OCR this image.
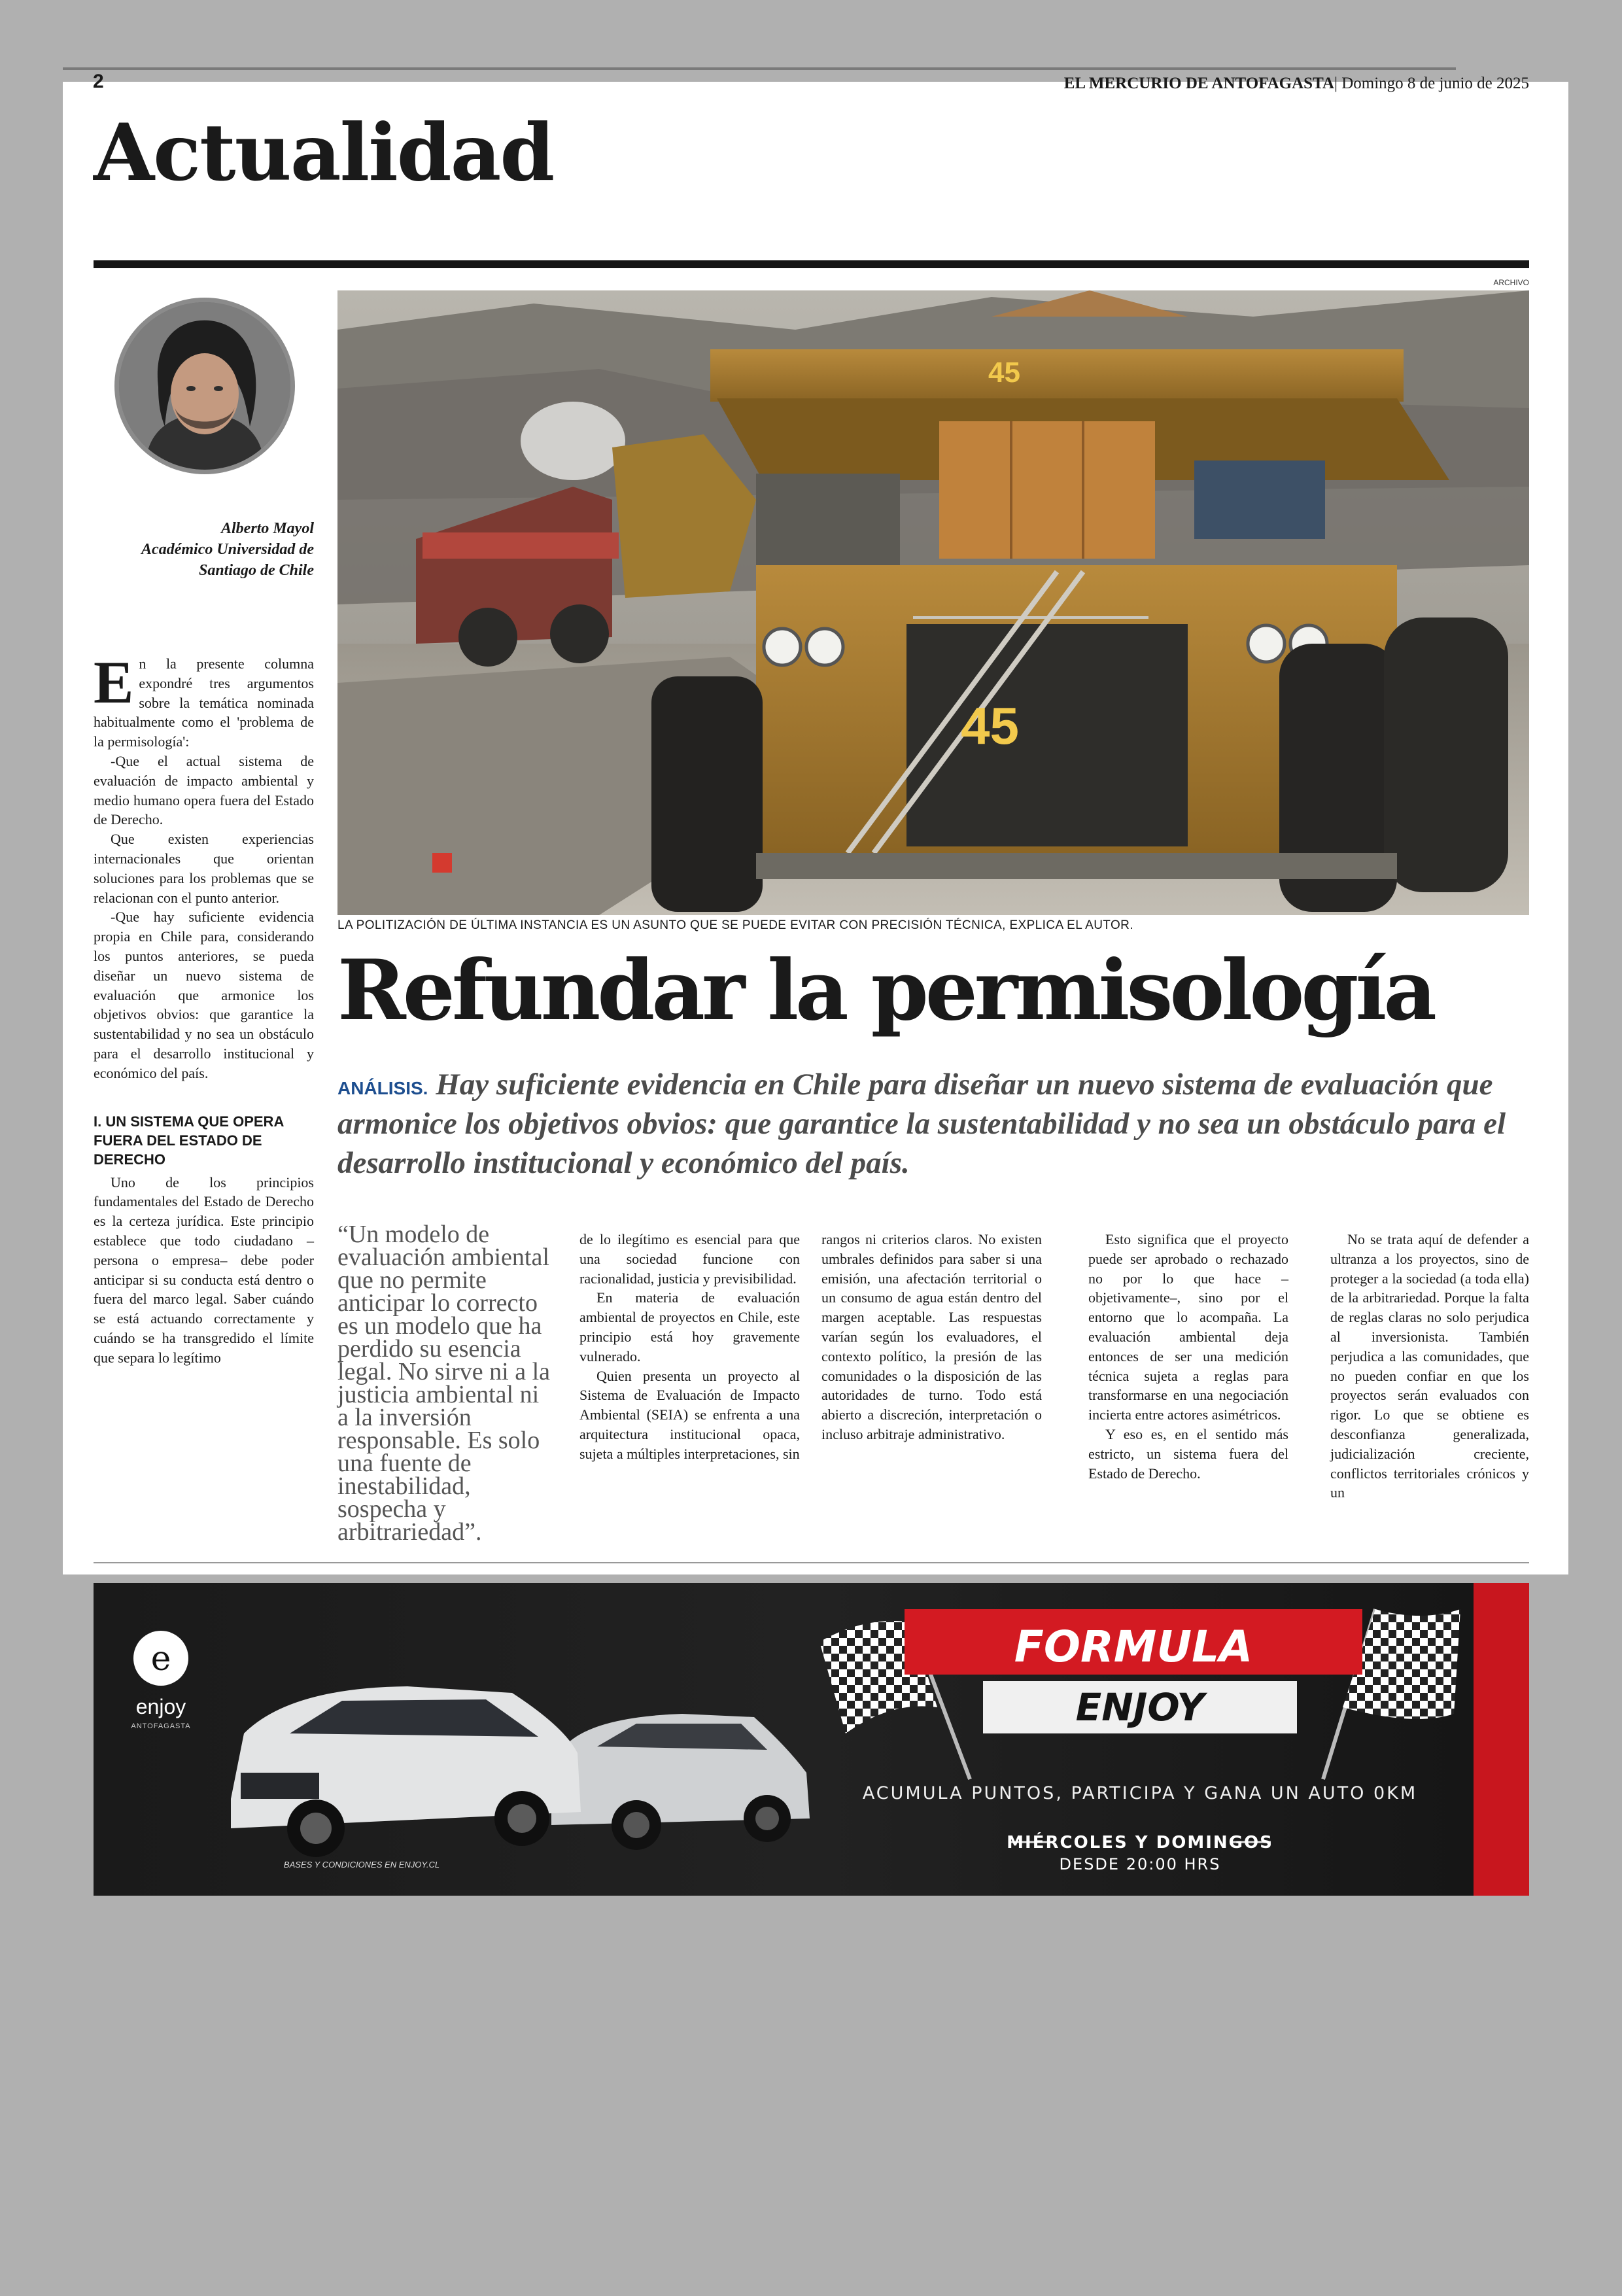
2	EL MERCURIO DE ANTOFAGASTA| Domingo 8 de junio de 2025
Actualidad
ARCHIVO
45
45
LA POLITIZACIÓN DE ÚLTIMA INSTANCIA ES UN ASUNTO QUE SE PUEDE EVITAR CON PRECISIÓN TÉCNICA, EXPLICA EL AUTOR.
Alberto Mayol
Académico Universidad de
Santiago de Chile

En la presente columna expondré tres argumentos sobre la temática nominada habitualmente como el 'problema de la permisología':

-Que el actual sistema de evaluación de impacto ambiental y medio humano opera fuera del Estado de Derecho.

Que existen experiencias internacionales que orientan soluciones para los problemas que se relacionan con el punto anterior.

-Que hay suficiente evidencia propia en Chile para, considerando los puntos anteriores, se pueda diseñar un nuevo sistema de evaluación que armonice los objetivos obvios: que garantice la sustentabilidad y no sea un obstáculo para el desarrollo institucional y económico del país.

I. UN SISTEMA QUE OPERA FUERA DEL ESTADO DE DERECHO

Uno de los principios fundamentales del Estado de Derecho es la certeza jurídica. Este principio establece que todo ciudadano –persona o empresa– debe poder anticipar si su conducta está dentro o fuera del marco legal. Saber cuándo se está actuando correctamente y cuándo se ha transgredido el límite que separa lo legítimo

Refundar la permisología
ANÁLISIS. Hay suficiente evidencia en Chile para diseñar un nuevo sistema de evaluación que armonice los objetivos obvios: que garantice la sustentabilidad y no sea un obstáculo para el desarrollo institucional y económico del país.
“Un modelo de evaluación ambiental que no permite anticipar lo correcto es un modelo que ha perdido su esencia legal. No sirve ni a la justicia ambiental ni a la inversión responsable. Es solo una fuente de inestabilidad, sospecha y arbitrariedad”.

de lo ilegítimo es esencial para que una sociedad funcione con racionalidad, justicia y previsibilidad.

En materia de evaluación ambiental de proyectos en Chile, este principio está hoy gravemente vulnerado.

Quien presenta un proyecto al Sistema de Evaluación de Impacto Ambiental (SEIA) se enfrenta a una arquitectura institucional opaca, sujeta a múltiples interpretaciones, sin

rangos ni criterios claros. No existen umbrales definidos para saber si una emisión, una afectación territorial o un consumo de agua están dentro del margen aceptable. Las respuestas varían según los evaluadores, el contexto político, la presión de las comunidades o la disposición de las autoridades de turno. Todo está abierto a discreción, interpretación o incluso arbitraje administrativo.

Esto significa que el proyecto puede ser aprobado o rechazado no por lo que hace –objetivamente–, sino por el entorno que lo acompaña. La evaluación ambiental deja entonces de ser una medición técnica sujeta a reglas para transformarse en una negociación incierta entre actores asimétricos.

Y eso es, en el sentido más estricto, un sistema fuera del Estado de Derecho.

No se trata aquí de defender a ultranza a los proyectos, sino de proteger a la sociedad (a toda ella) de la arbitrariedad. Porque la falta de reglas claras no solo perjudica al inversionista. También perjudica a las comunidades, que no pueden confiar en que los proyectos serán evaluados con rigor. Lo que se obtiene es desconfianza generalizada, judicialización creciente, conflictos territoriales crónicos y un

e
enjoy
ANTOFAGASTA
BASES Y CONDICIONES EN ENJOY.CL
FORMULA
ENJOY
ACUMULA PUNTOS, PARTICIPA Y GANA UN AUTO 0KM
MIÉRCOLES Y DOMINGOS
DESDE 20:00 HRS
